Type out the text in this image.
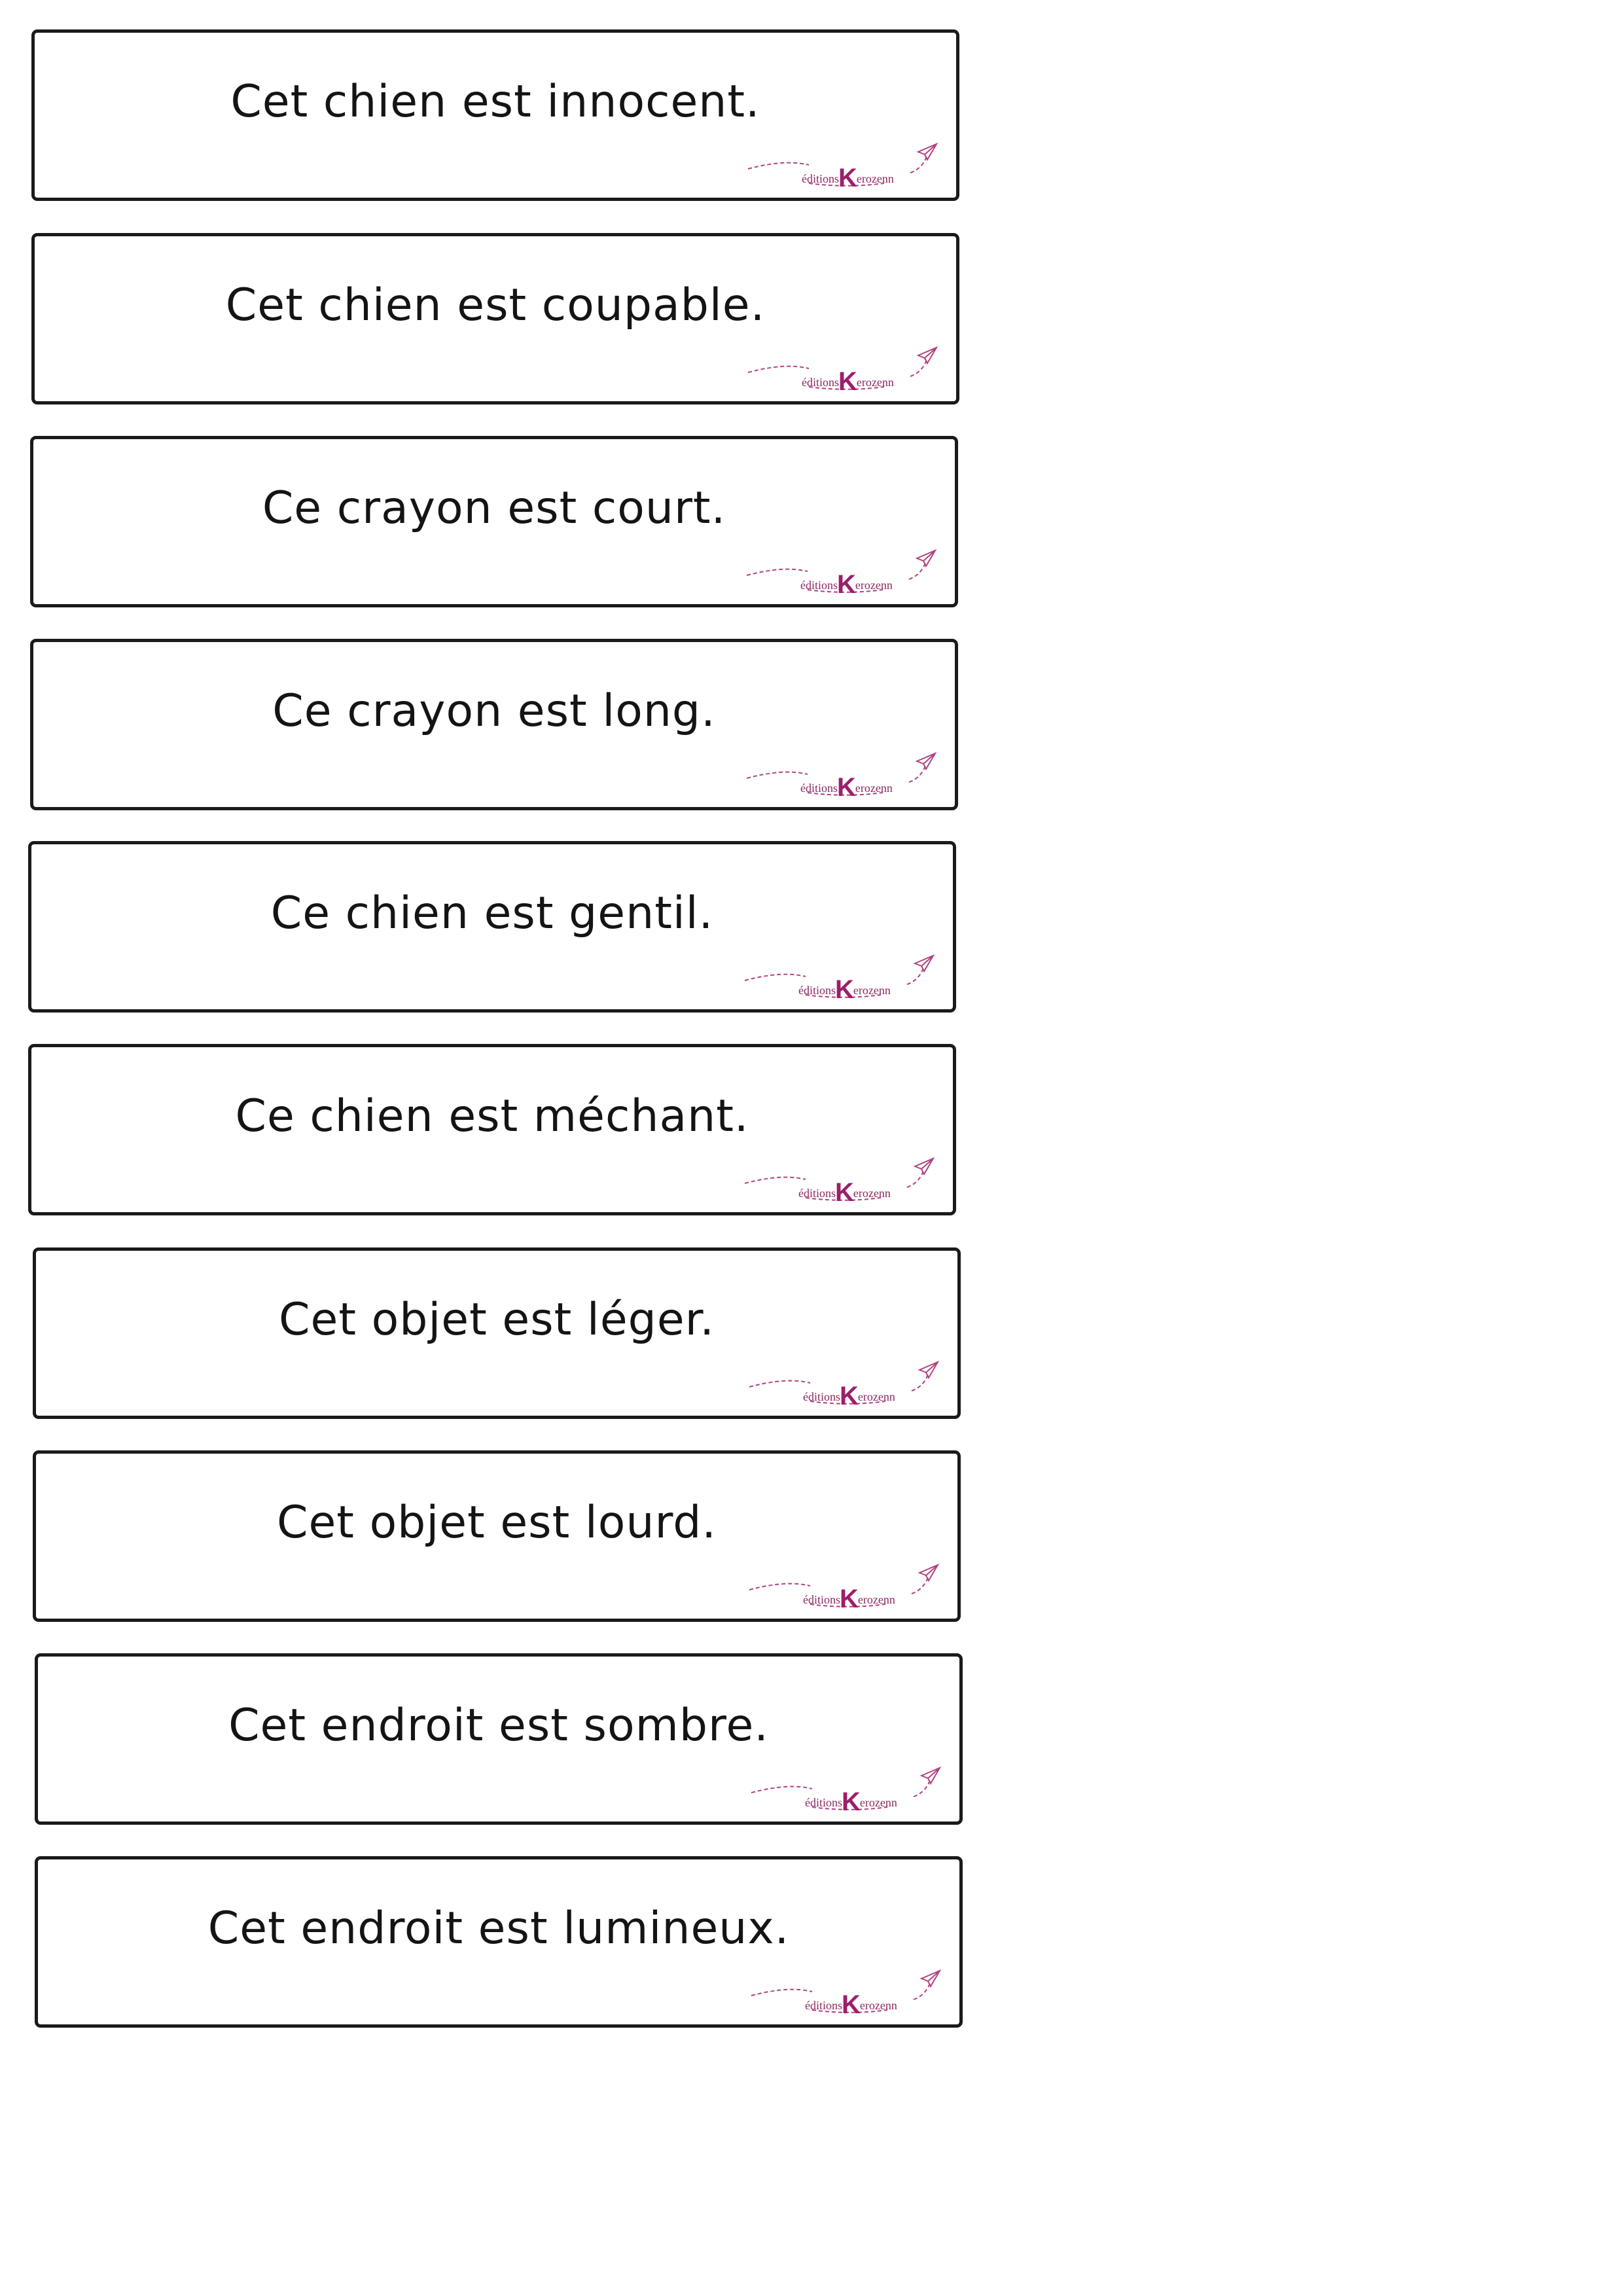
Cet chien est innocent.
éditionsKerozenn
Cet chien est coupable.
éditionsKerozenn
Ce crayon est court.
éditionsKerozenn
Ce crayon est long.
éditionsKerozenn
Ce chien est gentil.
éditionsKerozenn
Ce chien est méchant.
éditionsKerozenn
Cet objet est léger.
éditionsKerozenn
Cet objet est lourd.
éditionsKerozenn
Cet endroit est sombre.
éditionsKerozenn
Cet endroit est lumineux.
éditionsKerozenn
